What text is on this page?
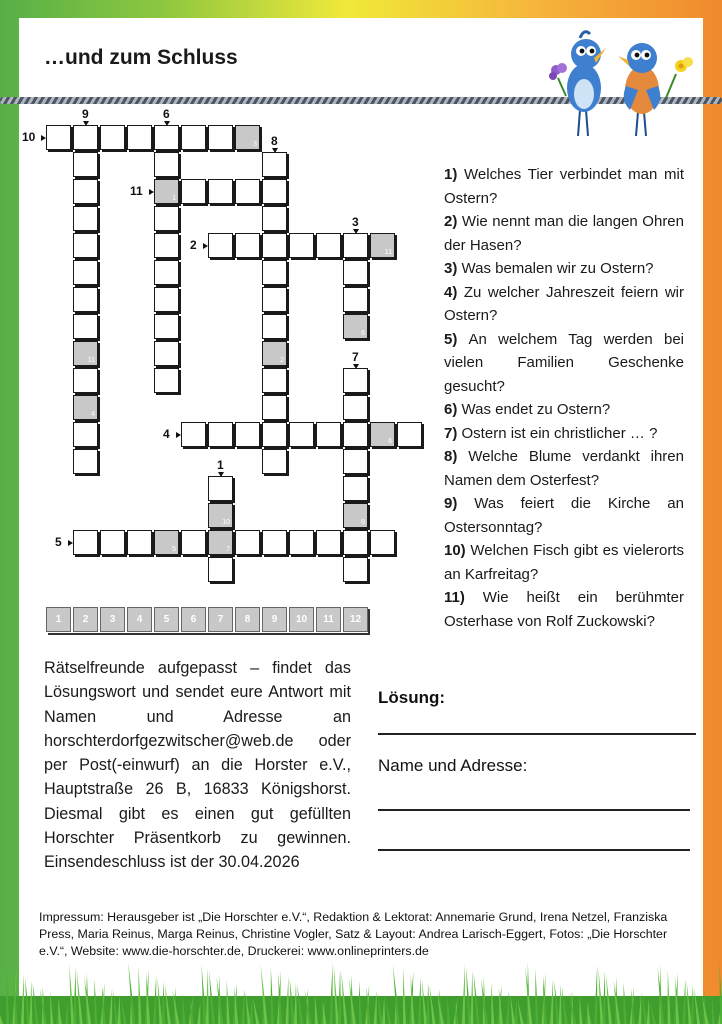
…und zum Schluss
3
11
4
1
2
11
6
6
8
10
7
5
10
9	6
8
11
2
3
4
7
1
5
1	2	3	4	5	6	7	8	9	10	11	12
1) Welches Tier verbindet man mit Ostern?
2) Wie nennt man die langen Ohren der Hasen?
3) Was bemalen wir zu Ostern?
4) Zu welcher Jahreszeit feiern wir Ostern?
5) An welchem Tag werden bei vielen Familien Geschenke gesucht?
6) Was endet zu Ostern?
7) Ostern ist ein christlicher … ?
8) Welche Blume verdankt ihren Namen dem Osterfest?
9) Was feiert die Kirche an Ostersonntag?
10) Welchen Fisch gibt es vielerorts an Karfreitag?
11) Wie heißt ein berühmter Osterhase von Rolf Zuckowski?
Rätselfreunde aufgepasst – findet das Lösungswort und sendet eure Antwort mit Namen und Adresse an horschterdorfgezwitscher@web.de oder per Post(-einwurf) an die Horster e.V., Hauptstraße 26 B, 16833 Königshorst. Diesmal gibt es einen gut gefüllten Horschter Präsentkorb zu gewinnen. Einsendeschluss ist der 30.04.2026
Lösung:
Name und Adresse:
Impressum: Herausgeber ist „Die Horschter e.V.“, Redaktion & Lektorat: Annemarie Grund, Irena Netzel, Franziska Press, Maria Reinus, Marga Reinus, Christine Vogler, Satz & Layout: Andrea Larisch-Eggert, Fotos: „Die Horschter e.V.“, Website: www.die-horschter.de, Druckerei: www.onlineprinters.de
